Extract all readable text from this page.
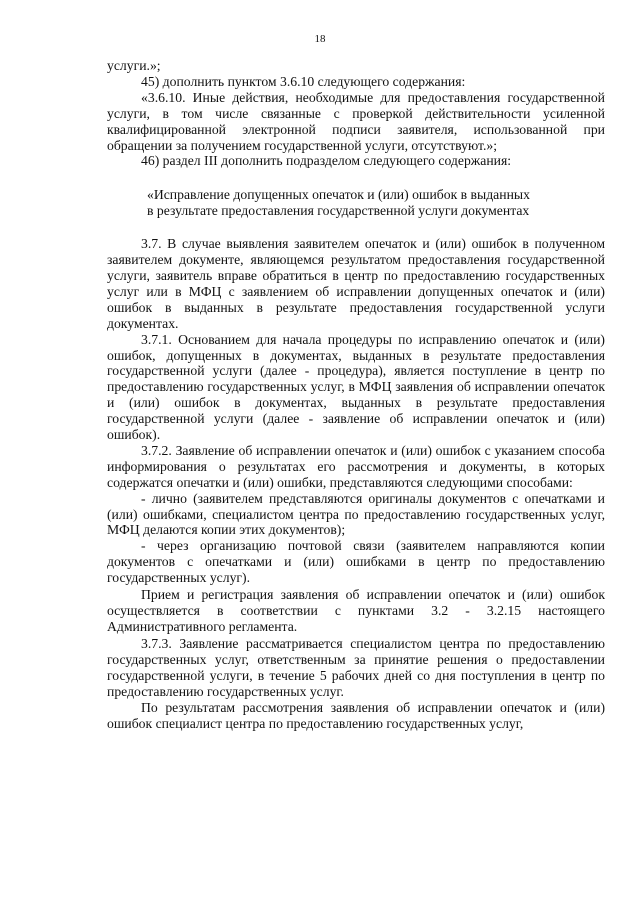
18

услуги.»;

45) дополнить пунктом 3.6.10 следующего содержания:

«3.6.10. Иные действия, необходимые для предоставления государственной услуги, в том числе связанные с проверкой действительности усиленной квалифицированной электронной подписи заявителя, использованной при обращении за получением государственной услуги, отсутствуют.»;

46) раздел III дополнить подразделом следующего содержания:

«Исправление допущенных опечаток и (или) ошибок в выданных
в результате предоставления государственной услуги документах

3.7. В случае выявления заявителем опечаток и (или) ошибок в полученном заявителем документе, являющемся результатом предоставления государственной услуги, заявитель вправе обратиться в центр по предоставлению государственных услуг или в МФЦ с заявлением об исправлении допущенных опечаток и (или) ошибок в выданных в результате предоставления государственной услуги документах.

3.7.1. Основанием для начала процедуры по исправлению опечаток и (или) ошибок, допущенных в документах, выданных в результате предоставления государственной услуги (далее - процедура), является поступление в центр по предоставлению государственных услуг, в МФЦ заявления об исправлении опечаток и (или) ошибок в документах, выданных в результате предоставления государственной услуги (далее - заявление об исправлении опечаток и (или) ошибок).

3.7.2. Заявление об исправлении опечаток и (или) ошибок с указанием способа информирования о результатах его рассмотрения и документы, в которых содержатся опечатки и (или) ошибки, представляются следующими способами:

- лично (заявителем представляются оригиналы документов с опечатками и (или) ошибками, специалистом центра по предоставлению государственных услуг, МФЦ делаются копии этих документов);

- через организацию почтовой связи (заявителем направляются копии документов с опечатками и (или) ошибками в центр по предоставлению государственных услуг).

Прием и регистрация заявления об исправлении опечаток и (или) ошибок осуществляется в соответствии с пунктами 3.2 - 3.2.15 настоящего Административного регламента.

3.7.3. Заявление рассматривается специалистом центра по предоставлению государственных услуг, ответственным за принятие решения о предоставлении государственной услуги, в течение 5 рабочих дней со дня поступления в центр по предоставлению государственных услуг.

По результатам рассмотрения заявления об исправлении опечаток и (или) ошибок специалист центра по предоставлению государственных услуг,
